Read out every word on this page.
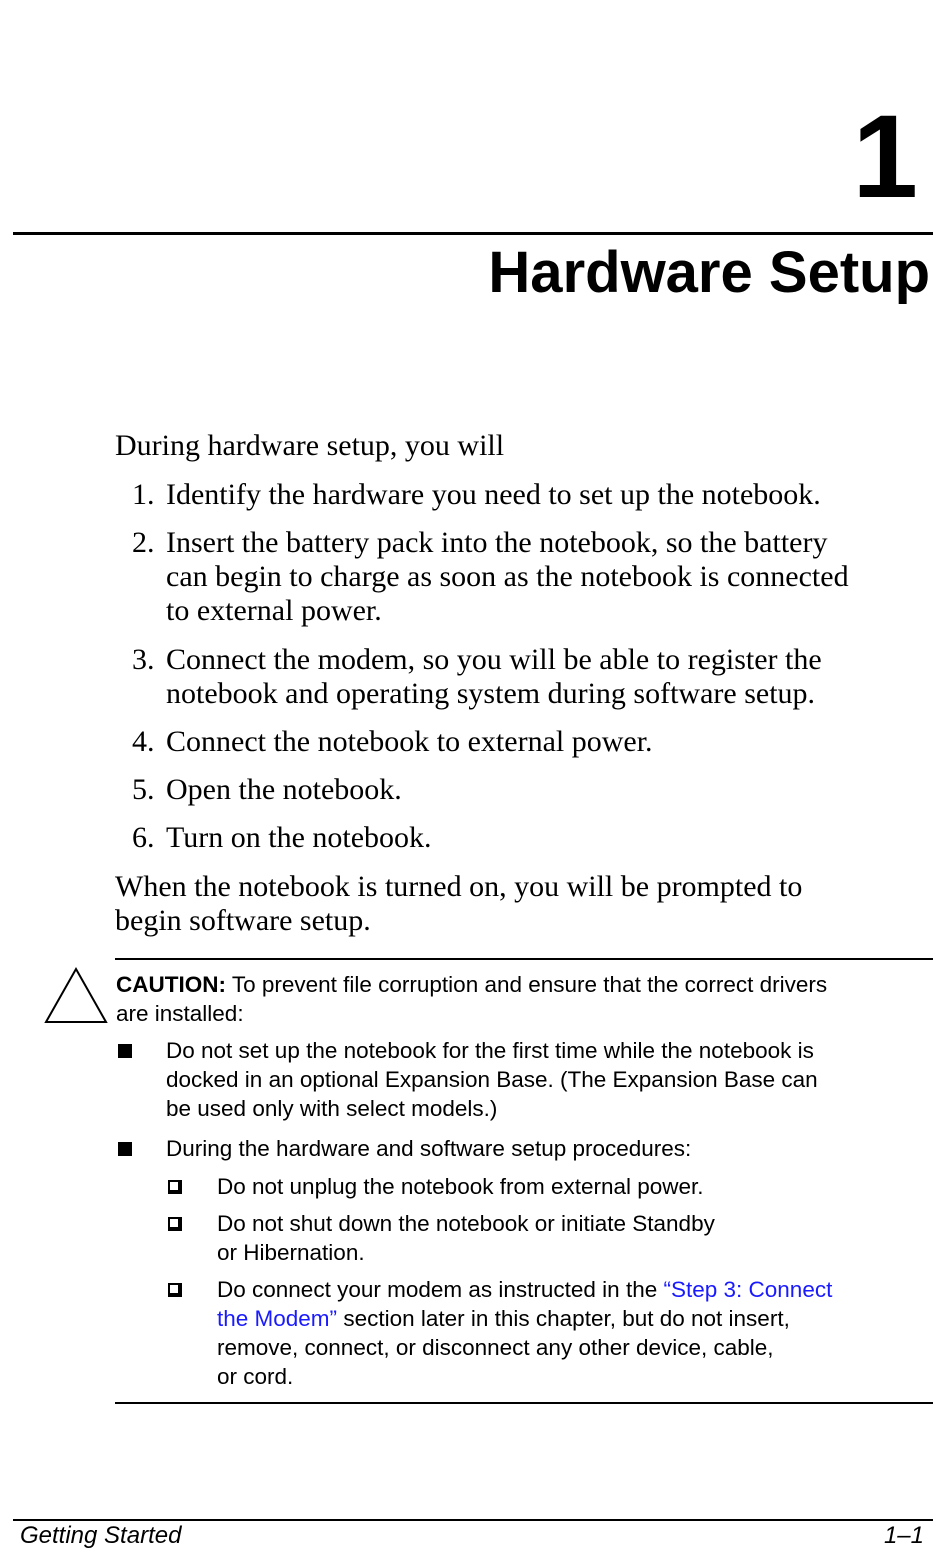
1
Hardware Setup
During hardware setup, you will
1. Identify the hardware you need to set up the notebook.
2. Insert the battery pack into the notebook, so the battery
can begin to charge as soon as the notebook is connected
to external power.
3. Connect the modem, so you will be able to register the
notebook and operating system during software setup.
4. Connect the notebook to external power.
5. Open the notebook.
6. Turn on the notebook.
When the notebook is turned on, you will be prompted to
begin software setup.
CAUTION: To prevent file corruption and ensure that the correct drivers
are installed:
Do not set up the notebook for the first time while the notebook is
docked in an optional Expansion Base. (The Expansion Base can
be used only with select models.)
During the hardware and software setup procedures:
Do not unplug the notebook from external power.
Do not shut down the notebook or initiate Standby
or Hibernation.
Do connect your modem as instructed in the “Step 3: Connect
the Modem” section later in this chapter, but do not insert,
remove, connect, or disconnect any other device, cable,
or cord.
Getting Started	1–1
